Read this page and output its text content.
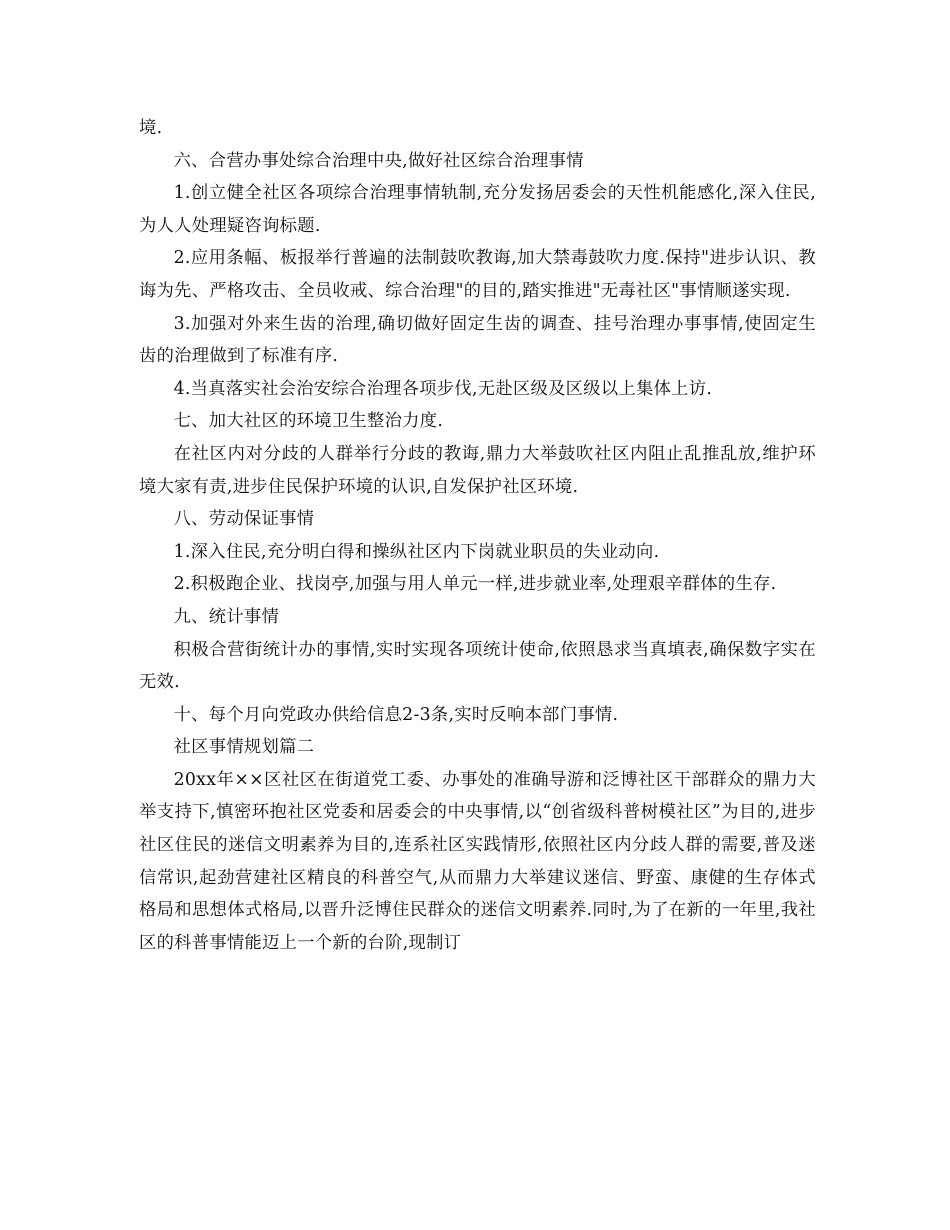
境.

六、合营办事处综合治理中央,做好社区综合治理事情

1.创立健全社区各项综合治理事情轨制,充分发扬居委会的天性机能感化,深入住民,为人人处理疑咨询标题.

2.应用条幅、板报举行普遍的法制鼓吹教诲,加大禁毒鼓吹力度.保持"进步认识、教诲为先、严格攻击、全员收戒、综合治理"的目的,踏实推进"无毒社区"事情顺遂实现.

3.加强对外来生齿的治理,确切做好固定生齿的调查、挂号治理办事事情,使固定生齿的治理做到了标准有序.

4.当真落实社会治安综合治理各项步伐,无赴区级及区级以上集体上访.

七、加大社区的环境卫生整治力度.

在社区内对分歧的人群举行分歧的教诲,鼎力大举鼓吹社区内阻止乱推乱放,维护环境大家有责,进步住民保护环境的认识,自发保护社区环境.

八、劳动保证事情

1.深入住民,充分明白得和操纵社区内下岗就业职员的失业动向.

2.积极跑企业、找岗亭,加强与用人单元一样,进步就业率,处理艰辛群体的生存.

九、统计事情

积极合营街统计办的事情,实时实现各项统计使命,依照恳求当真填表,确保数字实在无效.

十、每个月向党政办供给信息2-3条,实时反响本部门事情.

社区事情规划篇二

20xx年××区社区在街道党工委、办事处的准确导游和泛博社区干部群众的鼎力大举支持下,慎密环抱社区党委和居委会的中央事情,以“创省级科普树模社区”为目的,进步社区住民的迷信文明素养为目的,连系社区实践情形,依照社区内分歧人群的需要,普及迷信常识,起劲营建社区精良的科普空气,从而鼎力大举建议迷信、野蛮、康健的生存体式格局和思想体式格局,以晋升泛博住民群众的迷信文明素养.同时,为了在新的一年里,我社区的科普事情能迈上一个新的台阶,现制订
